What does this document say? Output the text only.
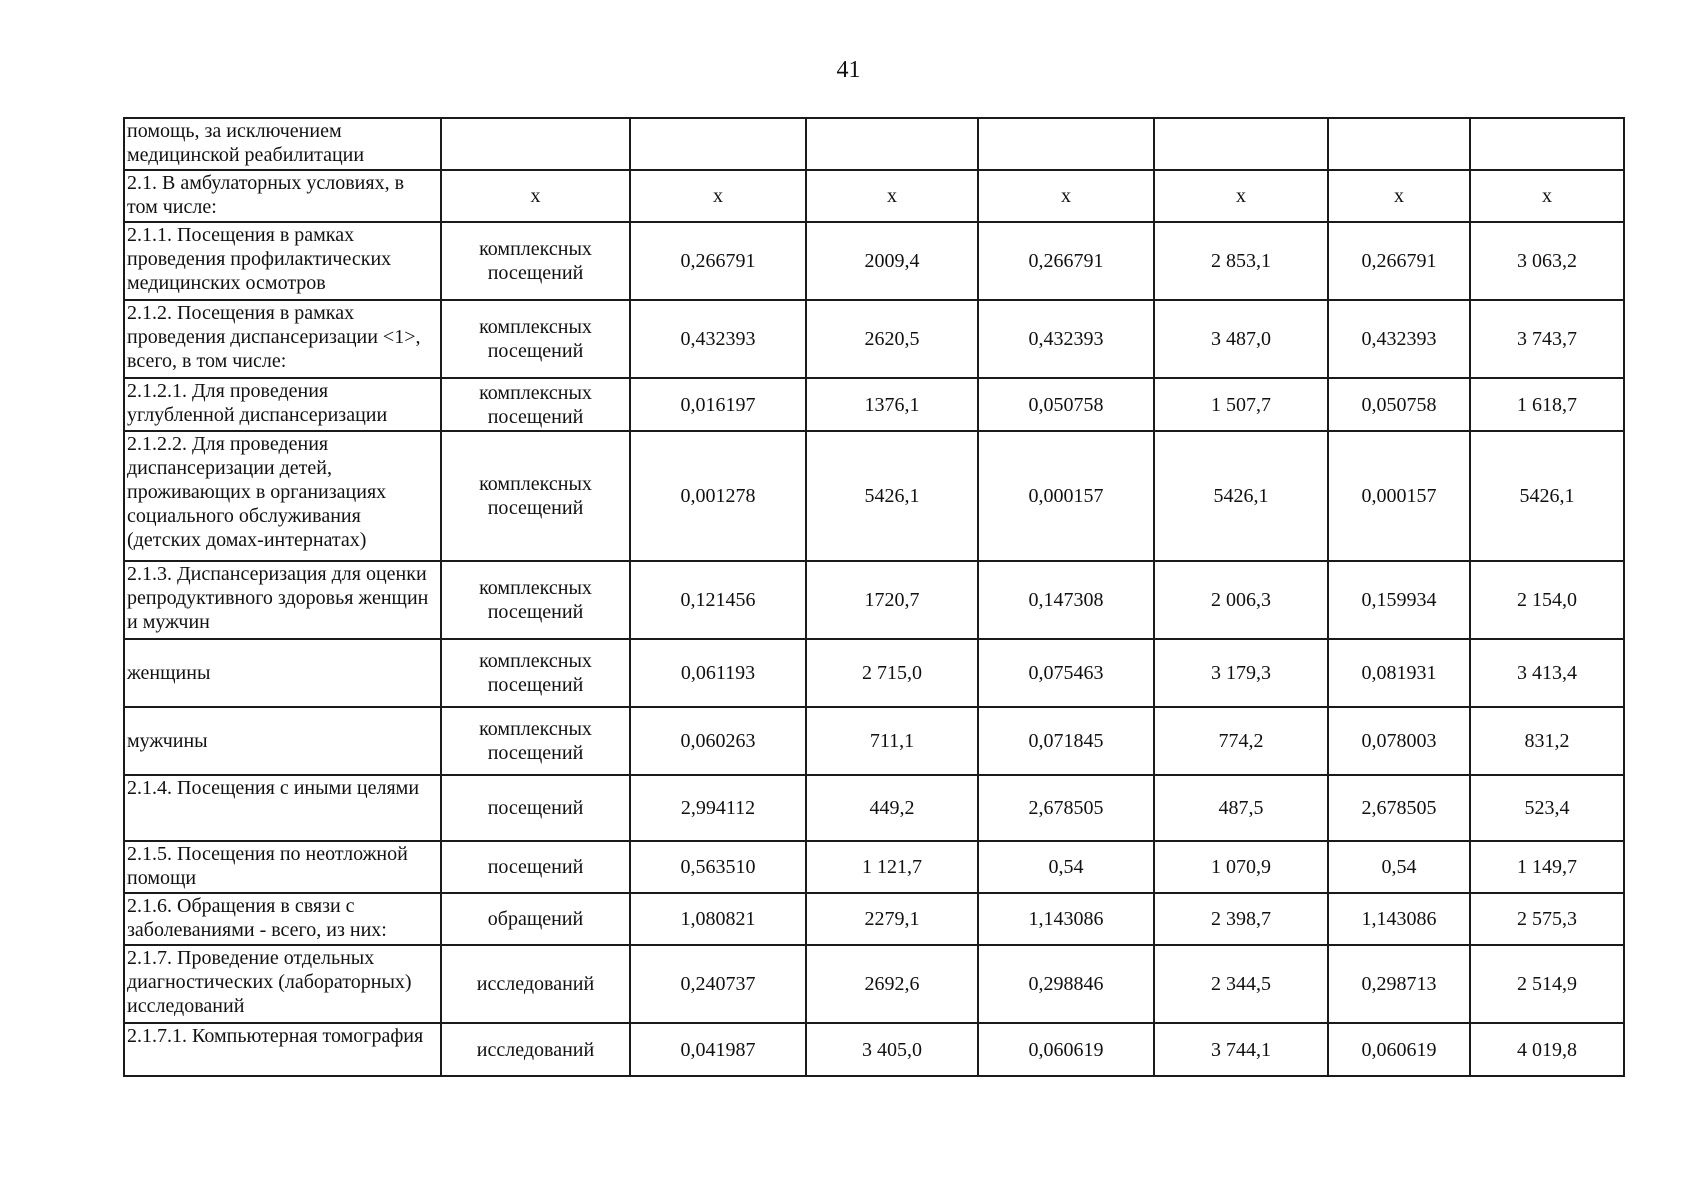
41
помощь, за исключением медицинской реабилитации							
2.1. В амбулаторных условиях, в том числе:	x	x	x	x	x	x	x
2.1.1. Посещения в рамках проведения профилактических медицинских осмотров	комплексных посещений	0,266791	2009,4	0,266791	2 853,1	0,266791	3 063,2
2.1.2. Посещения в рамках проведения диспансеризации <1>, всего, в том числе:	комплексных посещений	0,432393	2620,5	0,432393	3 487,0	0,432393	3 743,7
2.1.2.1. Для проведения углубленной диспансеризации	комплексных посещений	0,016197	1376,1	0,050758	1 507,7	0,050758	1 618,7
2.1.2.2. Для проведения диспансеризации детей, проживающих в организациях социального обслуживания (детских домах-интернатах)	комплексных посещений	0,001278	5426,1	0,000157	5426,1	0,000157	5426,1
2.1.3. Диспансеризация для оценки репродуктивного здоровья женщин и мужчин	комплексных посещений	0,121456	1720,7	0,147308	2 006,3	0,159934	2 154,0
женщины	комплексных посещений	0,061193	2 715,0	0,075463	3 179,3	0,081931	3 413,4
мужчины	комплексных посещений	0,060263	711,1	0,071845	774,2	0,078003	831,2
2.1.4. Посещения с иными целями	посещений	2,994112	449,2	2,678505	487,5	2,678505	523,4
2.1.5. Посещения по неотложной помощи	посещений	0,563510	1 121,7	0,54	1 070,9	0,54	1 149,7
2.1.6. Обращения в связи с заболеваниями - всего, из них:	обращений	1,080821	2279,1	1,143086	2 398,7	1,143086	2 575,3
2.1.7. Проведение отдельных диагностических (лабораторных) исследований	исследований	0,240737	2692,6	0,298846	2 344,5	0,298713	2 514,9
2.1.7.1. Компьютерная томография	исследований	0,041987	3 405,0	0,060619	3 744,1	0,060619	4 019,8
